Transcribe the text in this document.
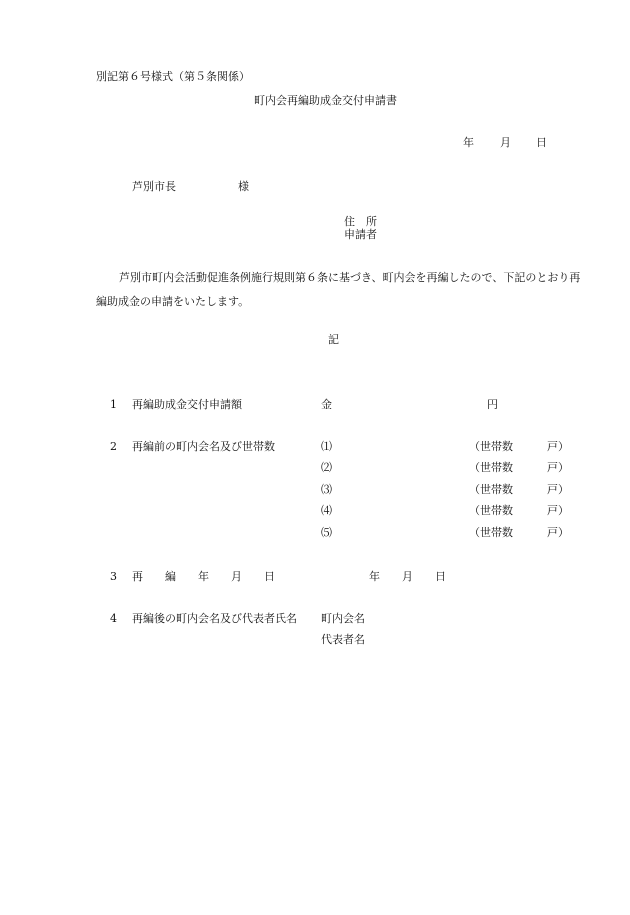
別記第６号様式（第５条関係）
町内会再編助成金交付申請書
年 月 日
芦別市長	様
住　所
申請者
芦別市町内会活動促進条例施行規則第６条に基づき、町内会を再編したので、下記のとおり再編助成金の申請をいたします。
記
1 再編助成金交付申請額	金	円
2 再編前の町内会名及び世帯数	⑴	（世帯数	戸）
⑵	（世帯数	戸）
⑶	（世帯数	戸）
⑷	（世帯数	戸）
⑸	（世帯数	戸）
3 再　　編　　年　　月　　日	年　　月　　日
4 再編後の町内会名及び代表者氏名 町内会名
代表者名
